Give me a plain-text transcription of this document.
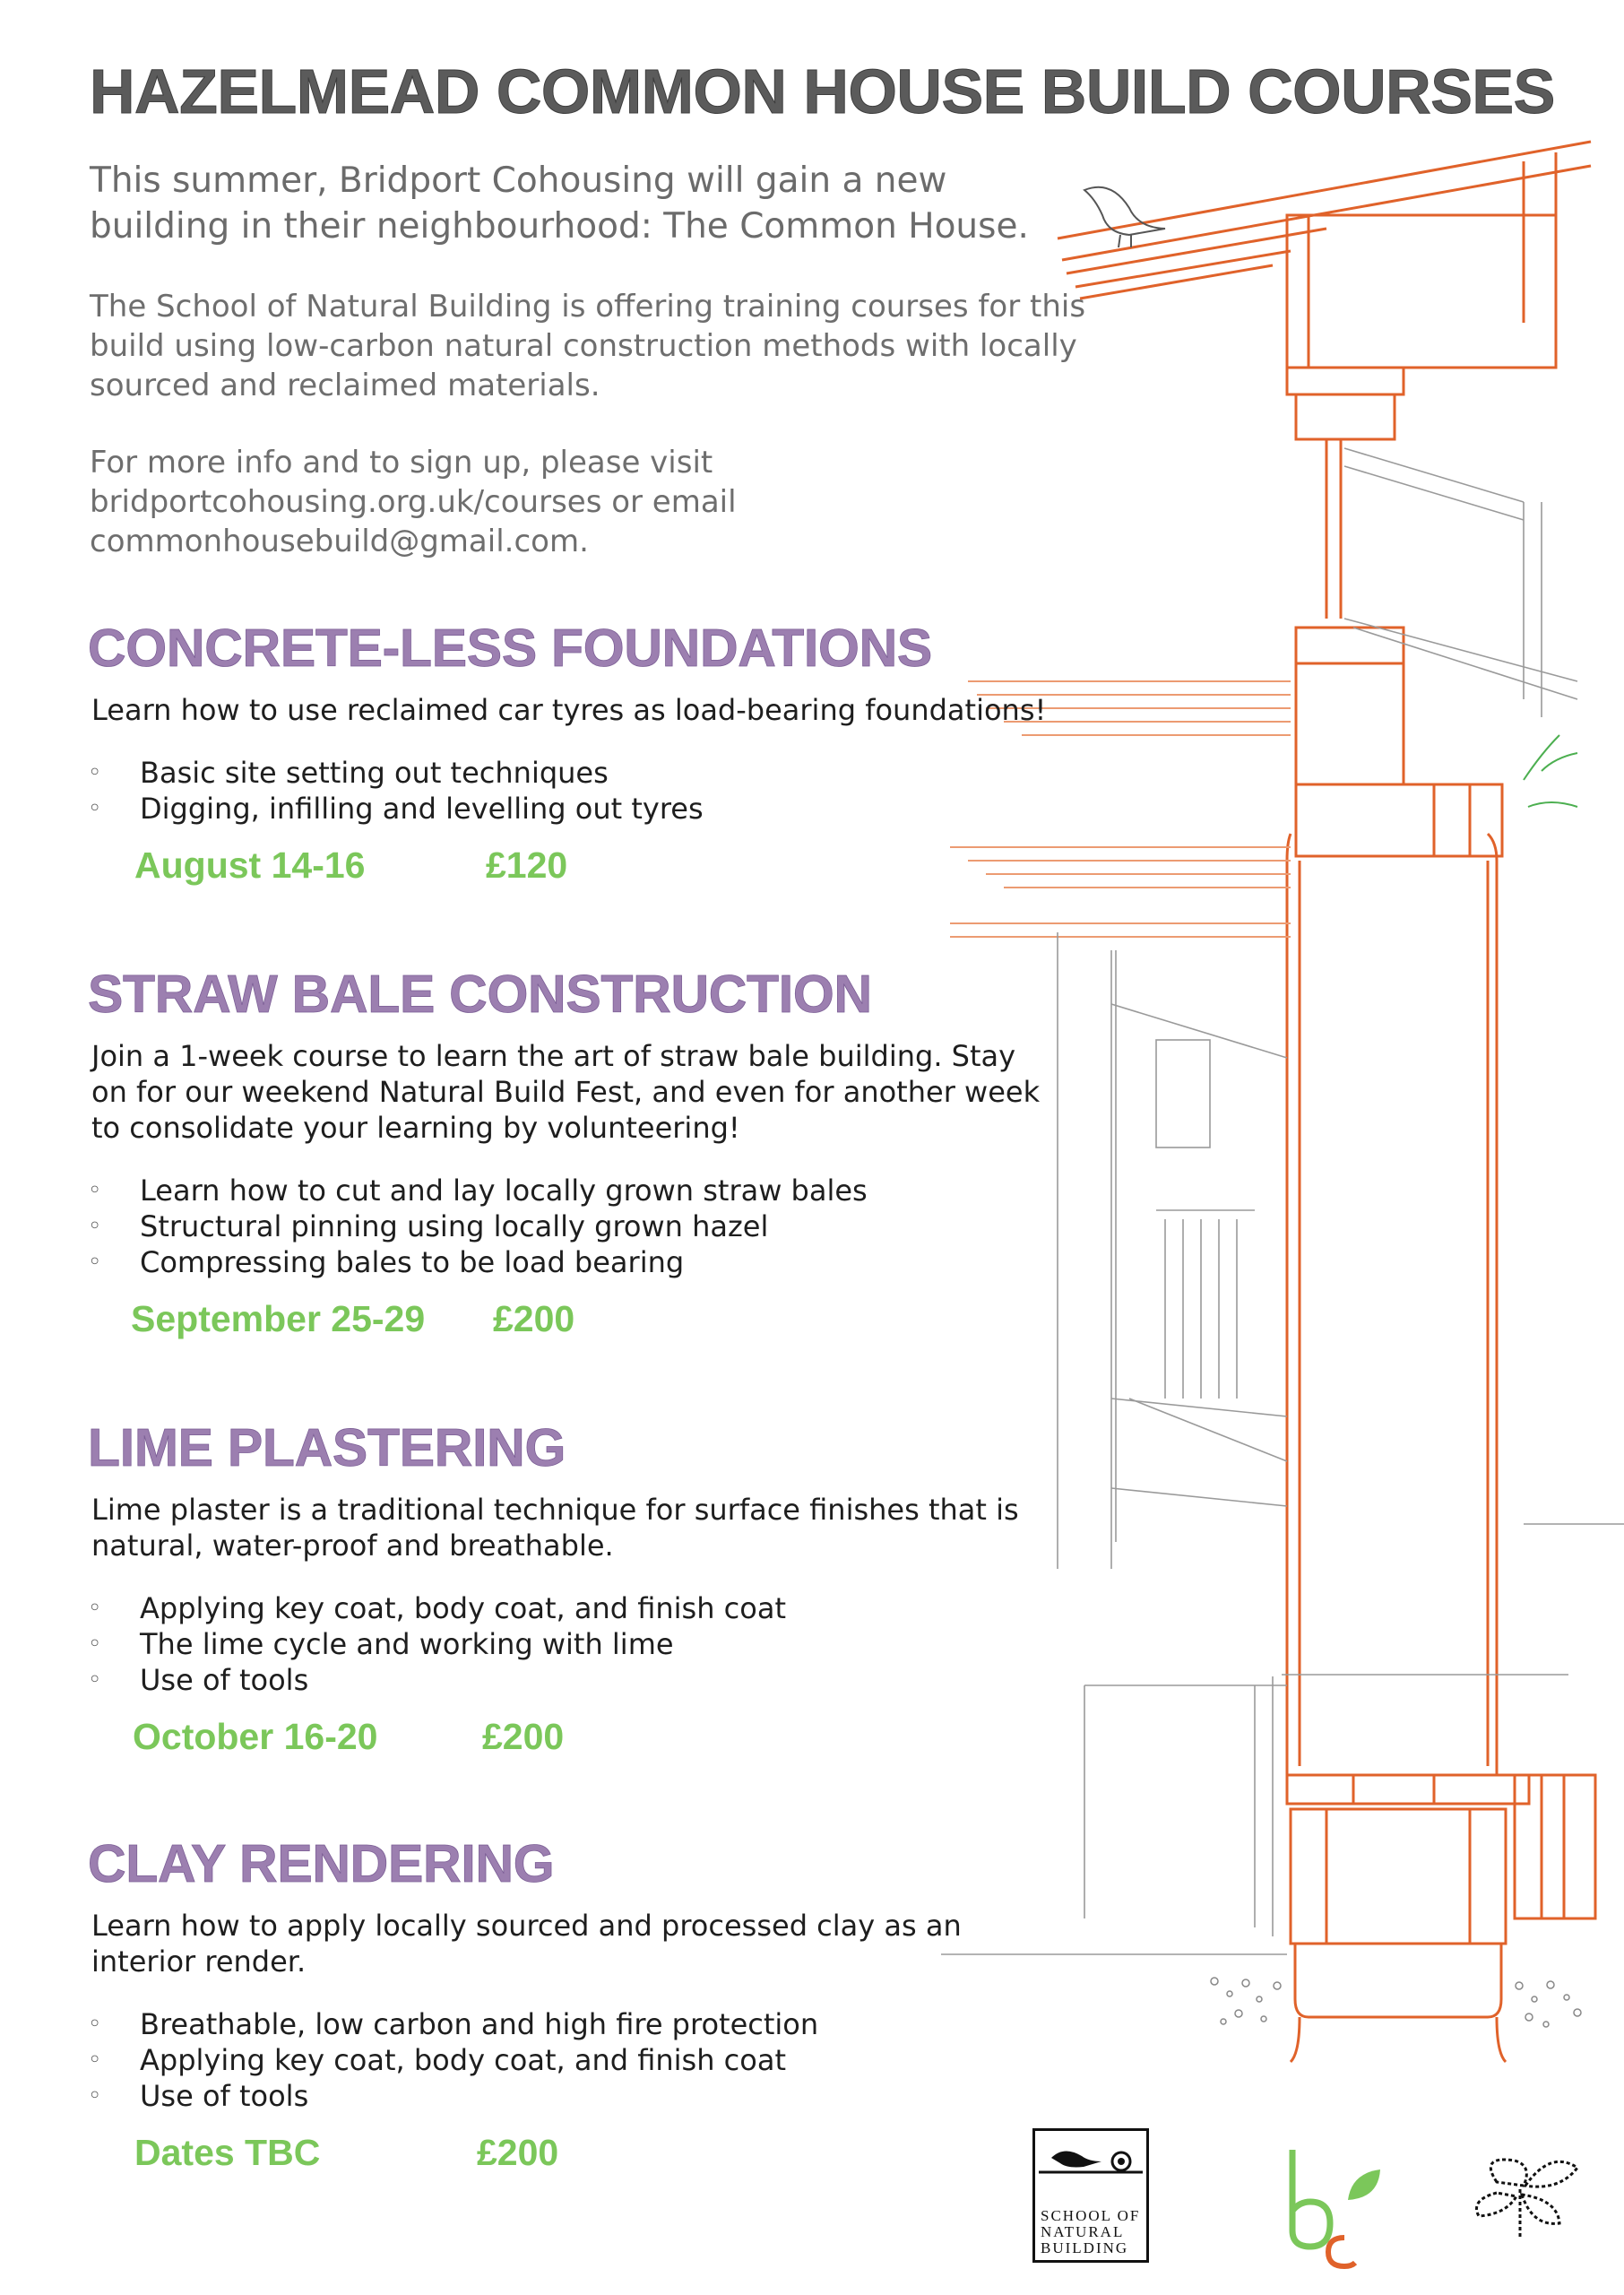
HAZELMEAD COMMON HOUSE BUILD COURSES

This summer, Bridport Cohousing will gain a new building in their neighbourhood: The Common House.

The School of Natural Building is offering training courses for this build using low-carbon natural construction methods with locally sourced and reclaimed materials.

For more info and to sign up, please visit bridportcohousing.org.uk/courses or email commonhousebuild@gmail.com.

CONCRETE-LESS FOUNDATIONS

Learn how to use reclaimed car tyres as load-bearing foundations!

◦ Basic site setting out techniques
◦ Digging, infilling and levelling out tyres
August 14-16	£120
STRAW BALE CONSTRUCTION

Join a 1-week course to learn the art of straw bale building. Stay on for our weekend Natural Build Fest, and even for another week to consolidate your learning by volunteering!

◦ Learn how to cut and lay locally grown straw bales
◦ Structural pinning using locally grown hazel
◦ Compressing bales to be load bearing
September 25-29 £200
LIME PLASTERING

Lime plaster is a traditional technique for surface finishes that is natural, water-proof and breathable.

◦ Applying key coat, body coat, and finish coat
◦ The lime cycle and working with lime
◦ Use of tools
October 16-20	£200
CLAY RENDERING

Learn how to apply locally sourced and processed clay as an interior render.

◦ Breathable, low carbon and high fire protection
◦ Applying key coat, body coat, and finish coat
◦ Use of tools
Dates TBC	£200
SCHOOL OF NATURAL BUILDING
